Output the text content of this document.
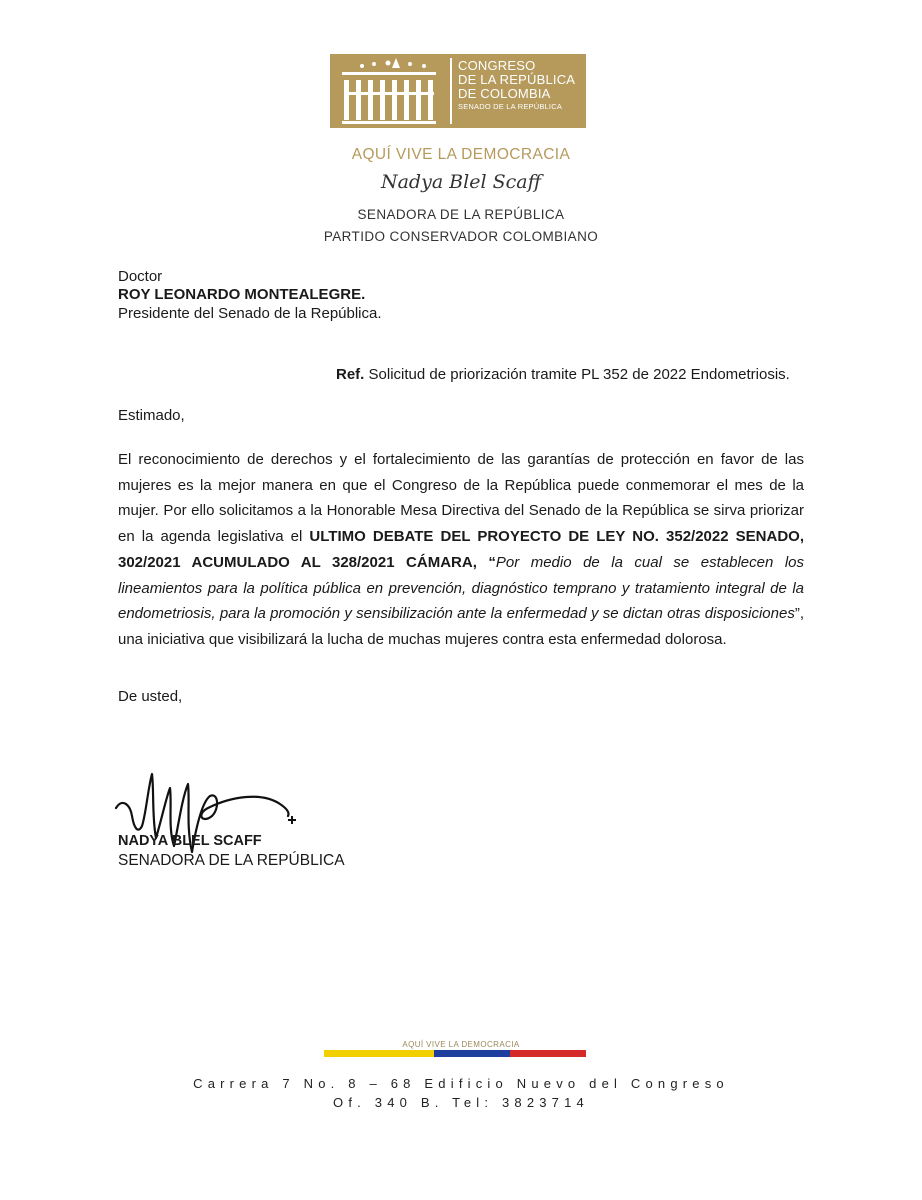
CONGRESO
DE LA REPÚBLICA
DE COLOMBIA
SENADO DE LA REPÚBLICA
AQUÍ VIVE LA DEMOCRACIA
Nadya Blel Scaff
SENADORA DE LA REPÚBLICA
PARTIDO CONSERVADOR COLOMBIANO
Doctor
ROY LEONARDO MONTEALEGRE.
Presidente del Senado de la República.
Ref. Solicitud de priorización tramite PL 352 de 2022 Endometriosis.
Estimado,
El reconocimiento de derechos y el fortalecimiento de las garantías de protección en favor de las mujeres es la mejor manera en que el Congreso de la República puede conmemorar el mes de la mujer. Por ello solicitamos a la Honorable Mesa Directiva del Senado de la República se sirva priorizar en la agenda legislativa el ULTIMO DEBATE DEL PROYECTO DE LEY NO. 352/2022 SENADO, 302/2021 ACUMULADO AL 328/2021 CÁMARA, “Por medio de la cual se establecen los lineamientos para la política pública en prevención, diagnóstico temprano y tratamiento integral de la endometriosis, para la promoción y sensibilización ante la enfermedad y se dictan otras disposiciones”, una iniciativa que visibilizará la lucha de muchas mujeres contra esta enfermedad dolorosa.
De usted,
NADYA BLEL SCAFF
SENADORA DE LA REPÚBLICA
AQUÍ VIVE LA DEMOCRACIA
Carrera 7 No. 8 – 68 Edificio Nuevo del Congreso
Of. 340 B. Tel: 3823714
